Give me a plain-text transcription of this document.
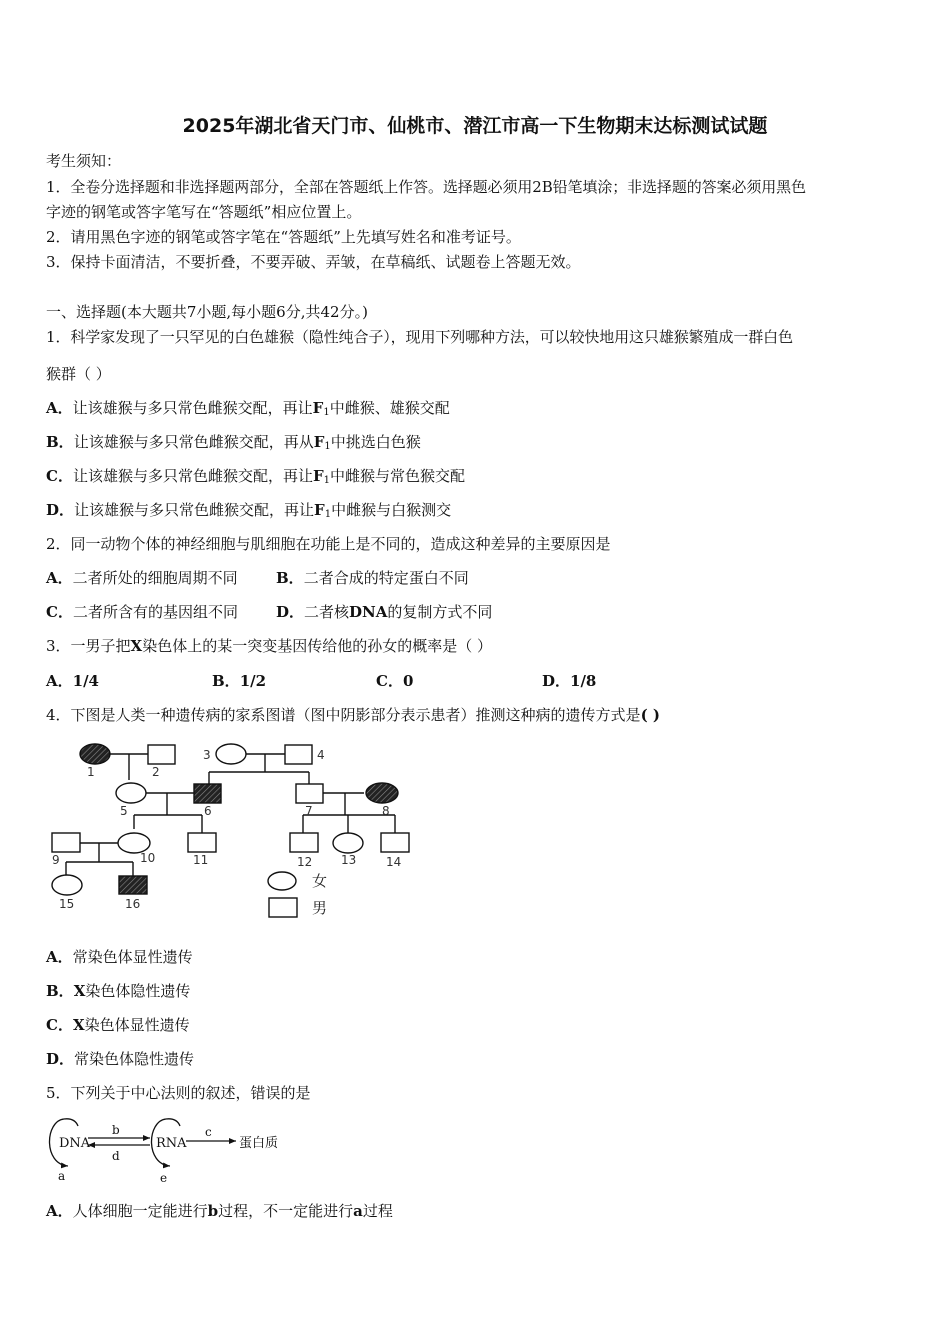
2025年湖北省天门市、仙桃市、潜江市高一下生物期末达标测试试题
考生须知：
1．全卷分选择题和非选择题两部分，全部在答题纸上作答。选择题必须用2B铅笔填涂；非选择题的答案必须用黑色
字迹的钢笔或答字笔写在“答题纸”相应位置上。
2．请用黑色字迹的钢笔或答字笔在“答题纸”上先填写姓名和准考证号。
3．保持卡面清洁，不要折叠，不要弄破、弄皱，在草稿纸、试题卷上答题无效。
一、选择题(本大题共7小题,每小题6分,共42分。)
1．科学家发现了一只罕见的白色雄猴（隐性纯合子），现用下列哪种方法，可以较快地用这只雄猴繁殖成一群白色
猴群（ ）
A．让该雄猴与多只常色雌猴交配，再让$F_1$中雌猴、雄猴交配
B．让该雄猴与多只常色雌猴交配，再从$F_1$中挑选白色猴
C．让该雄猴与多只常色雌猴交配，再让$F_1$中雌猴与常色猴交配
D．让该雄猴与多只常色雌猴交配，再让$F_1$中雌猴与白猴测交
2．同一动物个体的神经细胞与肌细胞在功能上是不同的，造成这种差异的主要原因是
A．二者所处的细胞周期不同	B．二者合成的特定蛋白不同
C．二者所含有的基因组不同	D．二者核DNA的复制方式不同
3．一男子把X染色体上的某一突变基因传给他的孙女的概率是（ ）
A．1/4	B．1/2	C．0	D．1/8
4．下图是人类一种遗传病的家系图谱（图中阴影部分表示患者）推测这种病的遗传方式是( )
1	2
3	4
5	6	7	8
9	10	11	12 13 14
15	16
女
男
A．常染色体显性遗传
B．X染色体隐性遗传
C．X染色体显性遗传
D．常染色体隐性遗传
5．下列关于中心法则的叙述，错误的是
DNA	RNA	蛋白质
b
d
c
a	e
A．人体细胞一定能进行b过程，不一定能进行a过程
